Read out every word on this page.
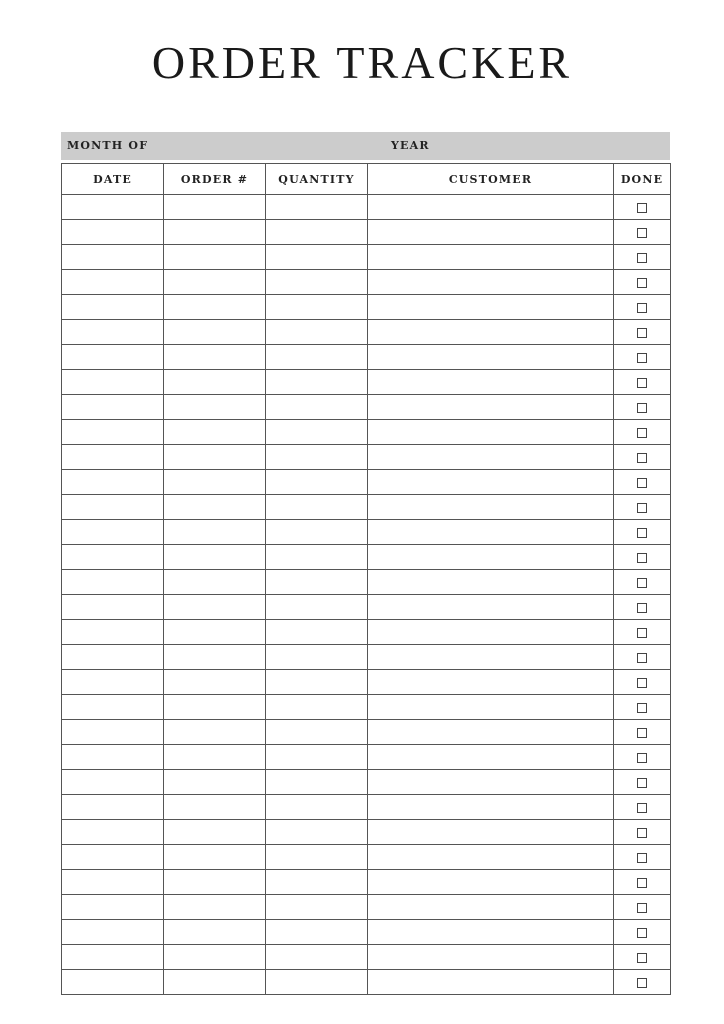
ORDER TRACKER
MONTH OF	YEAR
DATE	ORDER #	QUANTITY	CUSTOMER	DONE
